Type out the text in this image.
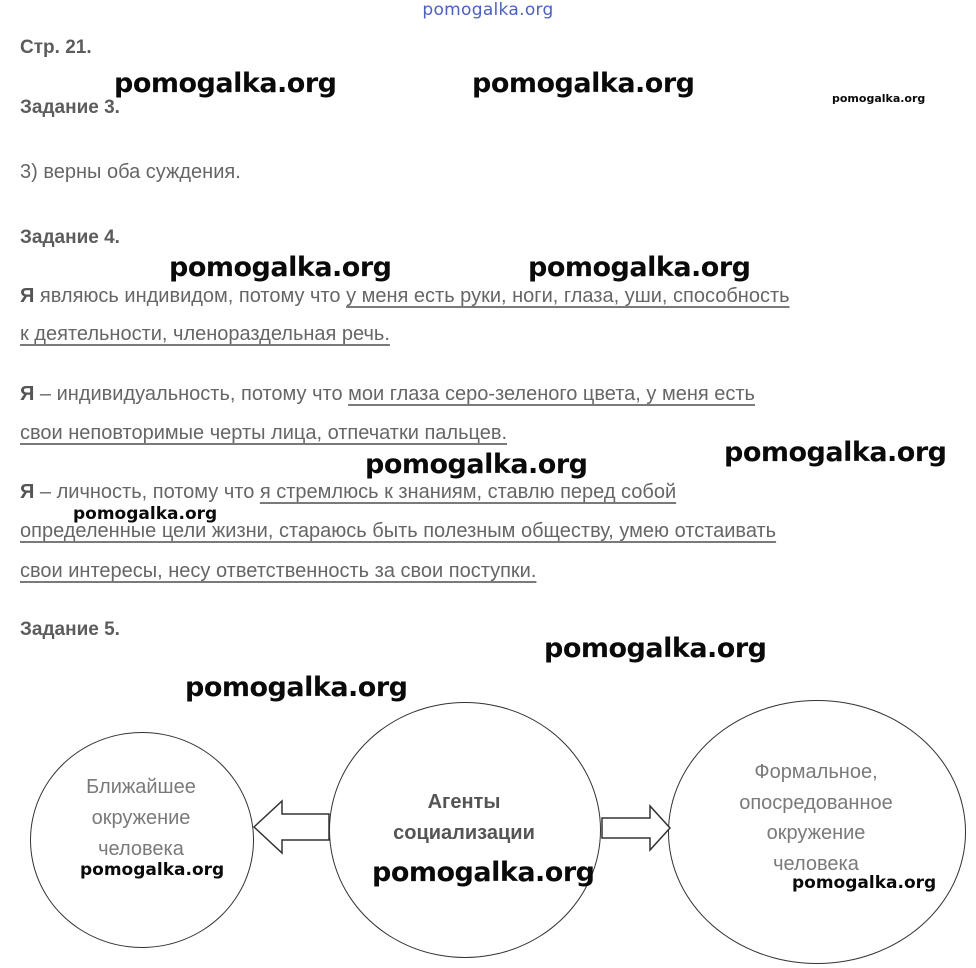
pomogalka.org
Стр. 21.
Задание 3.
3) верны оба суждения.
Задание 4.
Я являюсь индивидом, потому что у меня есть руки, ноги, глаза, уши, способность
к деятельности, членораздельная речь.
Я – индивидуальность, потому что мои глаза серо-зеленого цвета, у меня есть
свои неповторимые черты лица, отпечатки пальцев.
Я – личность, потому что я стремлюсь к знаниям, ставлю перед собой
определенные цели жизни, стараюсь быть полезным обществу, умею отстаивать
свои интересы, несу ответственность за свои поступки.
Задание 5.
Ближайшее
окружение
человека
Агенты
социализации
Формальное,
опосредованное
окружение
человека
pomogalka.org	pomogalka.org	pomogalka.org
pomogalka.org	pomogalka.org
pomogalka.org	pomogalka.org
pomogalka.org
pomogalka.org
pomogalka.org
pomogalka.org	pomogalka.org	pomogalka.org
